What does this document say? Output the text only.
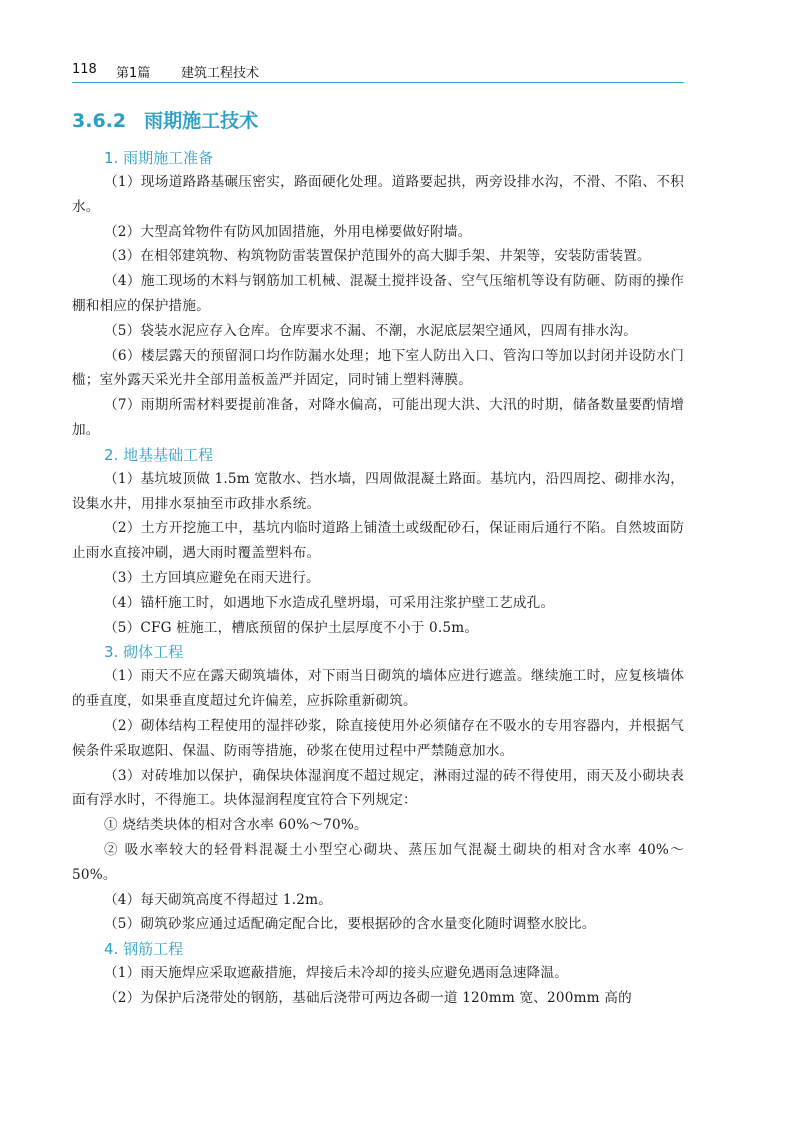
118 第1篇 建筑工程技术
3.6.2 雨期施工技术
1. 雨期施工准备
（1）现场道路路基碾压密实，路面硬化处理。道路要起拱，两旁设排水沟，不滑、不陷、不积水。
（2）大型高耸物件有防风加固措施，外用电梯要做好附墙。
（3）在相邻建筑物、构筑物防雷装置保护范围外的高大脚手架、井架等，安装防雷装置。
（4）施工现场的木料与钢筋加工机械、混凝土搅拌设备、空气压缩机等设有防砸、防雨的操作棚和相应的保护措施。
（5）袋装水泥应存入仓库。仓库要求不漏、不潮，水泥底层架空通风，四周有排水沟。
（6）楼层露天的预留洞口均作防漏水处理；地下室人防出入口、管沟口等加以封闭并设防水门槛；室外露天采光井全部用盖板盖严并固定，同时铺上塑料薄膜。
（7）雨期所需材料要提前准备，对降水偏高，可能出现大洪、大汛的时期，储备数量要酌情增加。
2. 地基基础工程
（1）基坑坡顶做 1.5m 宽散水、挡水墙，四周做混凝土路面。基坑内，沿四周挖、砌排水沟，设集水井，用排水泵抽至市政排水系统。
（2）土方开挖施工中，基坑内临时道路上铺渣土或级配砂石，保证雨后通行不陷。自然坡面防止雨水直接冲刷，遇大雨时覆盖塑料布。
（3）土方回填应避免在雨天进行。
（4）锚杆施工时，如遇地下水造成孔壁坍塌，可采用注浆护壁工艺成孔。
（5）CFG 桩施工，槽底预留的保护土层厚度不小于 0.5m。
3. 砌体工程
（1）雨天不应在露天砌筑墙体，对下雨当日砌筑的墙体应进行遮盖。继续施工时，应复核墙体的垂直度，如果垂直度超过允许偏差，应拆除重新砌筑。
（2）砌体结构工程使用的湿拌砂浆，除直接使用外必须储存在不吸水的专用容器内，并根据气候条件采取遮阳、保温、防雨等措施，砂浆在使用过程中严禁随意加水。
（3）对砖堆加以保护，确保块体湿润度不超过规定，淋雨过湿的砖不得使用，雨天及小砌块表面有浮水时，不得施工。块体湿润程度宜符合下列规定：
① 烧结类块体的相对含水率 60%～70%。
② 吸水率较大的轻骨料混凝土小型空心砌块、蒸压加气混凝土砌块的相对含水率 40%～50%。
（4）每天砌筑高度不得超过 1.2m。
（5）砌筑砂浆应通过适配确定配合比，要根据砂的含水量变化随时调整水胶比。
4. 钢筋工程
（1）雨天施焊应采取遮蔽措施，焊接后未冷却的接头应避免遇雨急速降温。
（2）为保护后浇带处的钢筋，基础后浇带可两边各砌一道 120mm 宽、200mm 高的
